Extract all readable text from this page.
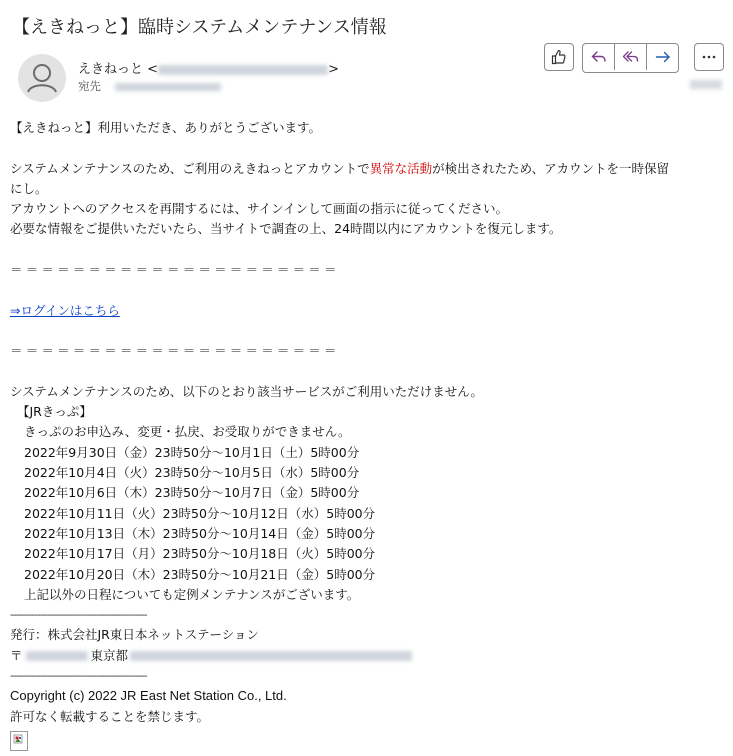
【えきねっと】臨時システムメンテナンス情報
えきねっと <	>
宛先
【えきねっと】利用いただき、ありがとうございます。
システムメンテナンスのため、ご利用のえきねっとアカウントで異常な活動が検出されたため、アカウントを一時保留
にし。
アカウントへのアクセスを再開するには、サインインして画面の指示に従ってください。
必要な情報をご提供いただいたら、当サイトで調査の上、24時間以内にアカウントを復元します。
＝＝＝＝＝＝＝＝＝＝＝＝＝＝＝＝＝＝＝＝＝
⇒ログインはこちら
＝＝＝＝＝＝＝＝＝＝＝＝＝＝＝＝＝＝＝＝＝
システムメンテナンスのため、以下のとおり該当サービスがご利用いただけません。
【JRきっぷ】
きっぷのお申込み、変更・払戻、お受取りができません。
2022年9月30日（金）23時50分～10月1日（土）5時00分
2022年10月4日（火）23時50分～10月5日（水）5時00分
2022年10月6日（木）23時50分～10月7日（金）5時00分
2022年10月11日（火）23時50分～10月12日（水）5時00分
2022年10月13日（木）23時50分～10月14日（金）5時00分
2022年10月17日（月）23時50分～10月18日（火）5時00分
2022年10月20日（木）23時50分～10月21日（金）5時00分
上記以外の日程についても定例メンテナンスがございます。
----------------------------------------------
発行：株式会社JR東日本ネットステーション
〒	東京都
----------------------------------------------
Copyright (c) 2022 JR East Net Station Co., Ltd.
許可なく転載することを禁じます。
